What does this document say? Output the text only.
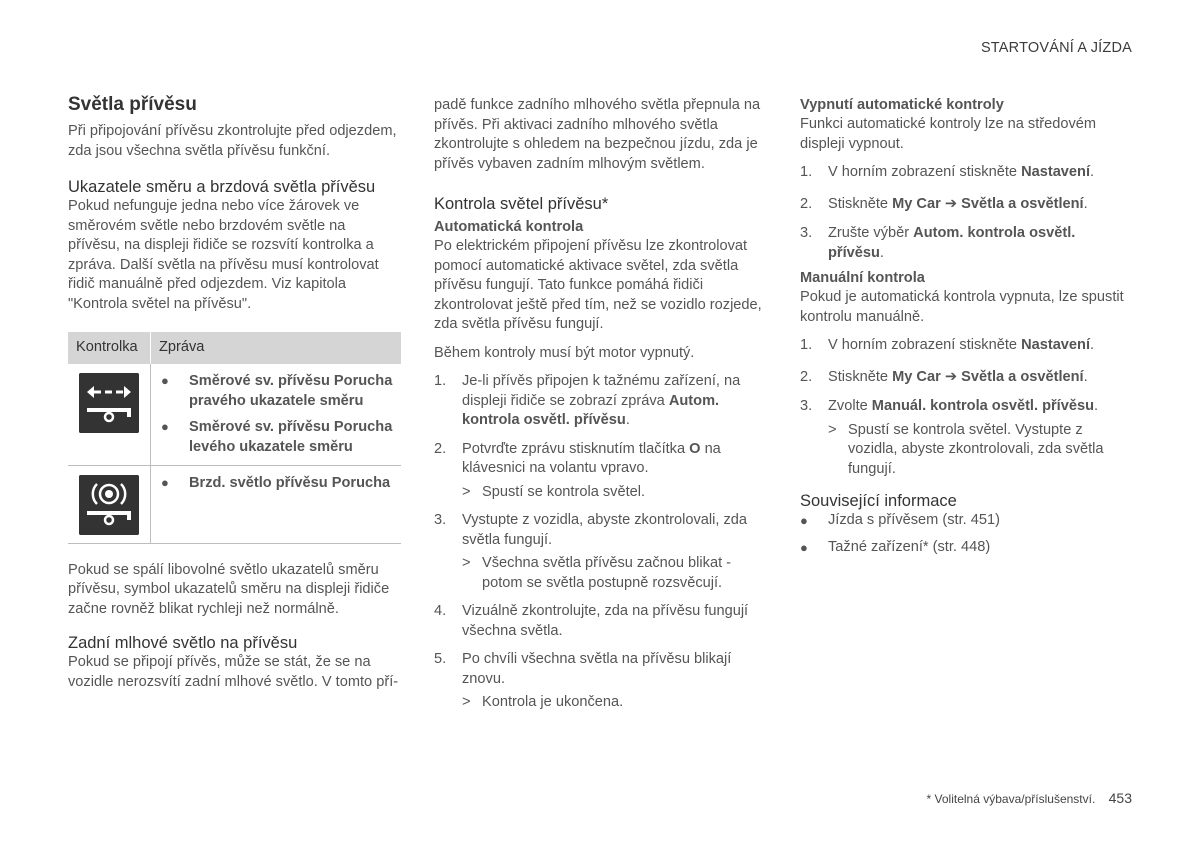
STARTOVÁNÍ A JÍZDA
Světla přívěsu

Při připojování přívěsu zkontrolujte před odjezdem, zda jsou všechna světla přívěsu funkční.

Ukazatele směru a brzdová světla přívěsu

Pokud nefunguje jedna nebo více žárovek ve směrovém světle nebo brzdovém světle na přívěsu, na displeji řidiče se rozsvítí kontrolka a zpráva. Další světla na přívěsu musí kontrolovat řidič manuálně před odjezdem. Viz kapitola "Kontrola světel na přívěsu".

Kontrolka	Zpráva

● Směrové sv. přívěsu Porucha pravého ukazatele směru
● Směrové sv. přívěsu Porucha levého ukazatele směru

● Brzd. světlo přívěsu Porucha

Pokud se spálí libovolné světlo ukazatelů směru přívěsu, symbol ukazatelů směru na displeji řidiče začne rovněž blikat rychleji než normálně.

Zadní mlhové světlo na přívěsu

Pokud se připojí přívěs, může se stát, že se na vozidle nerozsvítí zadní mlhové světlo. V tomto pří-

padě funkce zadního mlhového světla přepnula na přívěs. Při aktivaci zadního mlhového světla zkontrolujte s ohledem na bezpečnou jízdu, zda je přívěs vybaven zadním mlhovým světlem.

Kontrola světel přívěsu*
Automatická kontrola

Po elektrickém připojení přívěsu lze zkontrolovat pomocí automatické aktivace světel, zda světla přívěsu fungují. Tato funkce pomáhá řidiči zkontrolovat ještě před tím, než se vozidlo rozjede, zda světla přívěsu fungují.

Během kontroly musí být motor vypnutý.

1. Je-li přívěs připojen k tažnému zařízení, na displeji řidiče se zobrazí zpráva Autom. kontrola osvětl. přívěsu.
2. Potvrďte zprávu stisknutím tlačítka O na klávesnici na volantu vpravo.
> Spustí se kontrola světel.
3. Vystupte z vozidla, abyste zkontrolovali, zda světla fungují.
> Všechna světla přívěsu začnou blikat - potom se světla postupně rozsvěcují.
4. Vizuálně zkontrolujte, zda na přívěsu fungují všechna světla.
5. Po chvíli všechna světla na přívěsu blikají znovu.
> Kontrola je ukončena.
Vypnutí automatické kontroly

Funkci automatické kontroly lze na středovém displeji vypnout.

1. V horním zobrazení stiskněte Nastavení.
2. Stiskněte My Car ➔ Světla a osvětlení.
3. Zrušte výběr Autom. kontrola osvětl. přívěsu.
Manuální kontrola

Pokud je automatická kontrola vypnuta, lze spustit kontrolu manuálně.

1. V horním zobrazení stiskněte Nastavení.
2. Stiskněte My Car ➔ Světla a osvětlení.
3. Zvolte Manuál. kontrola osvětl. přívěsu.
> Spustí se kontrola světel. Vystupte z vozidla, abyste zkontrolovali, zda světla fungují.
Související informace
● Jízda s přívěsem (str. 451)
● Tažné zařízení* (str. 448)
* Volitelná výbava/příslušenství. 453
